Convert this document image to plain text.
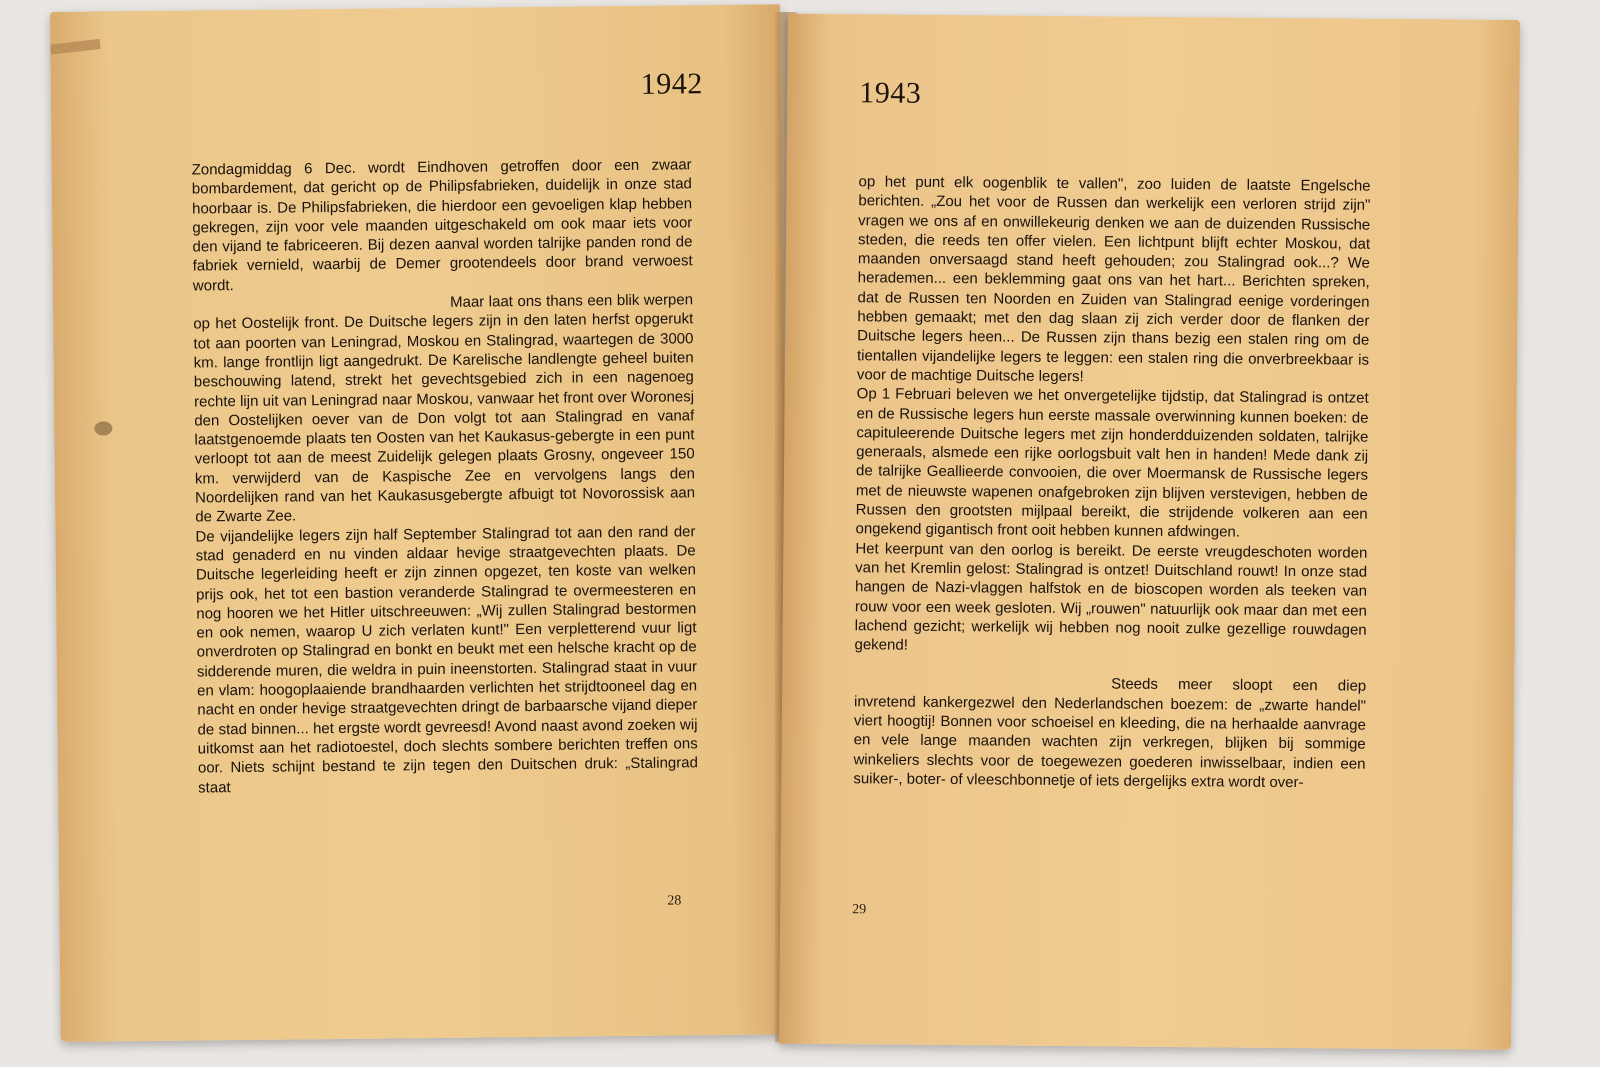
1942

Zondagmiddag 6 Dec. wordt Eindhoven getroffen door een zwaar bombardement, dat gericht op de Philipsfabrieken, duidelijk in onze stad hoorbaar is. De Philipsfabrieken, die hierdoor een gevoeligen klap hebben gekregen, zijn voor vele maanden uitgeschakeld om ook maar iets voor den vijand te fabriceeren. Bij dezen aanval worden talrijke panden rond de fabriek vernield, waarbij de Demer grootendeels door brand verwoest wordt.

Maar laat ons thans een blik werpen op het Oostelijk front. De Duitsche legers zijn in den laten herfst opgerukt tot aan poorten van Leningrad, Moskou en Stalingrad, waartegen de 3000 km. lange frontlijn ligt aangedrukt. De Karelische landlengte geheel buiten beschouwing latend, strekt het gevechtsgebied zich in een nagenoeg rechte lijn uit van Leningrad naar Moskou, vanwaar het front over Woronesj den Oostelijken oever van de Don volgt tot aan Stalingrad en vanaf laatstgenoemde plaats ten Oosten van het Kaukasus-gebergte in een punt verloopt tot aan de meest Zuidelijk gelegen plaats Grosny, ongeveer 150 km. verwijderd van de Kaspische Zee en vervolgens langs den Noordelijken rand van het Kaukasusgebergte afbuigt tot Novorossisk aan de Zwarte Zee.

De vijandelijke legers zijn half September Stalingrad tot aan den rand der stad genaderd en nu vinden aldaar hevige straatgevechten plaats. De Duitsche legerleiding heeft er zijn zinnen opgezet, ten koste van welken prijs ook, het tot een bastion veranderde Stalingrad te overmeesteren en nog hooren we het Hitler uitschreeuwen: „Wij zullen Stalingrad bestormen en ook nemen, waarop U zich verlaten kunt!" Een verpletterend vuur ligt onverdroten op Stalingrad en bonkt en beukt met een helsche kracht op de sidderende muren, die weldra in puin ineenstorten. Stalingrad staat in vuur en vlam: hoogoplaaiende brandhaarden verlichten het strijdtooneel dag en nacht en onder hevige straatgevechten dringt de barbaarsche vijand dieper de stad binnen... het ergste wordt gevreesd! Avond naast avond zoeken wij uitkomst aan het radiotoestel, doch slechts sombere berichten treffen ons oor. Niets schijnt bestand te zijn tegen den Duitschen druk: „Stalingrad staat

28
1943

op het punt elk oogenblik te vallen", zoo luiden de laatste Engelsche berichten. „Zou het voor de Russen dan werkelijk een verloren strijd zijn" vragen we ons af en onwillekeurig denken we aan de duizenden Russische steden, die reeds ten offer vielen. Een lichtpunt blijft echter Moskou, dat maanden onversaagd stand heeft gehouden; zou Stalingrad ook...? We herademen... een beklemming gaat ons van het hart... Berichten spreken, dat de Russen ten Noorden en Zuiden van Stalingrad eenige vorderingen hebben gemaakt; met den dag slaan zij zich verder door de flanken der Duitsche legers heen... De Russen zijn thans bezig een stalen ring om de tientallen vijandelijke legers te leggen: een stalen ring die onverbreekbaar is voor de machtige Duitsche legers!

Op 1 Februari beleven we het onvergetelijke tijdstip, dat Stalingrad is ontzet en de Russische legers hun eerste massale overwinning kunnen boeken: de capituleerende Duitsche legers met zijn honderdduizenden soldaten, talrijke generaals, alsmede een rijke oorlogsbuit valt hen in handen! Mede dank zij de talrijke Geallieerde convooien, die over Moermansk de Russische legers met de nieuwste wapenen onafgebroken zijn blijven verstevigen, hebben de Russen den grootsten mijlpaal bereikt, die strijdende volkeren aan een ongekend gigantisch front ooit hebben kunnen afdwingen.

Het keerpunt van den oorlog is bereikt. De eerste vreugdeschoten worden van het Kremlin gelost: Stalingrad is ontzet! Duitschland rouwt! In onze stad hangen de Nazi-vlaggen halfstok en de bioscopen worden als teeken van rouw voor een week gesloten. Wij „rouwen" natuurlijk ook maar dan met een lachend gezicht; werkelijk wij hebben nog nooit zulke gezellige rouwdagen gekend!

Steeds meer sloopt een diep invretend kankergezwel den Nederlandschen boezem: de „zwarte handel" viert hoogtij! Bonnen voor schoeisel en kleeding, die na herhaalde aanvrage en vele lange maanden wachten zijn verkregen, blijken bij sommige winkeliers slechts voor de toegewezen goederen inwisselbaar, indien een suiker-, boter- of vleeschbonnetje of iets dergelijks extra wordt over-

29
